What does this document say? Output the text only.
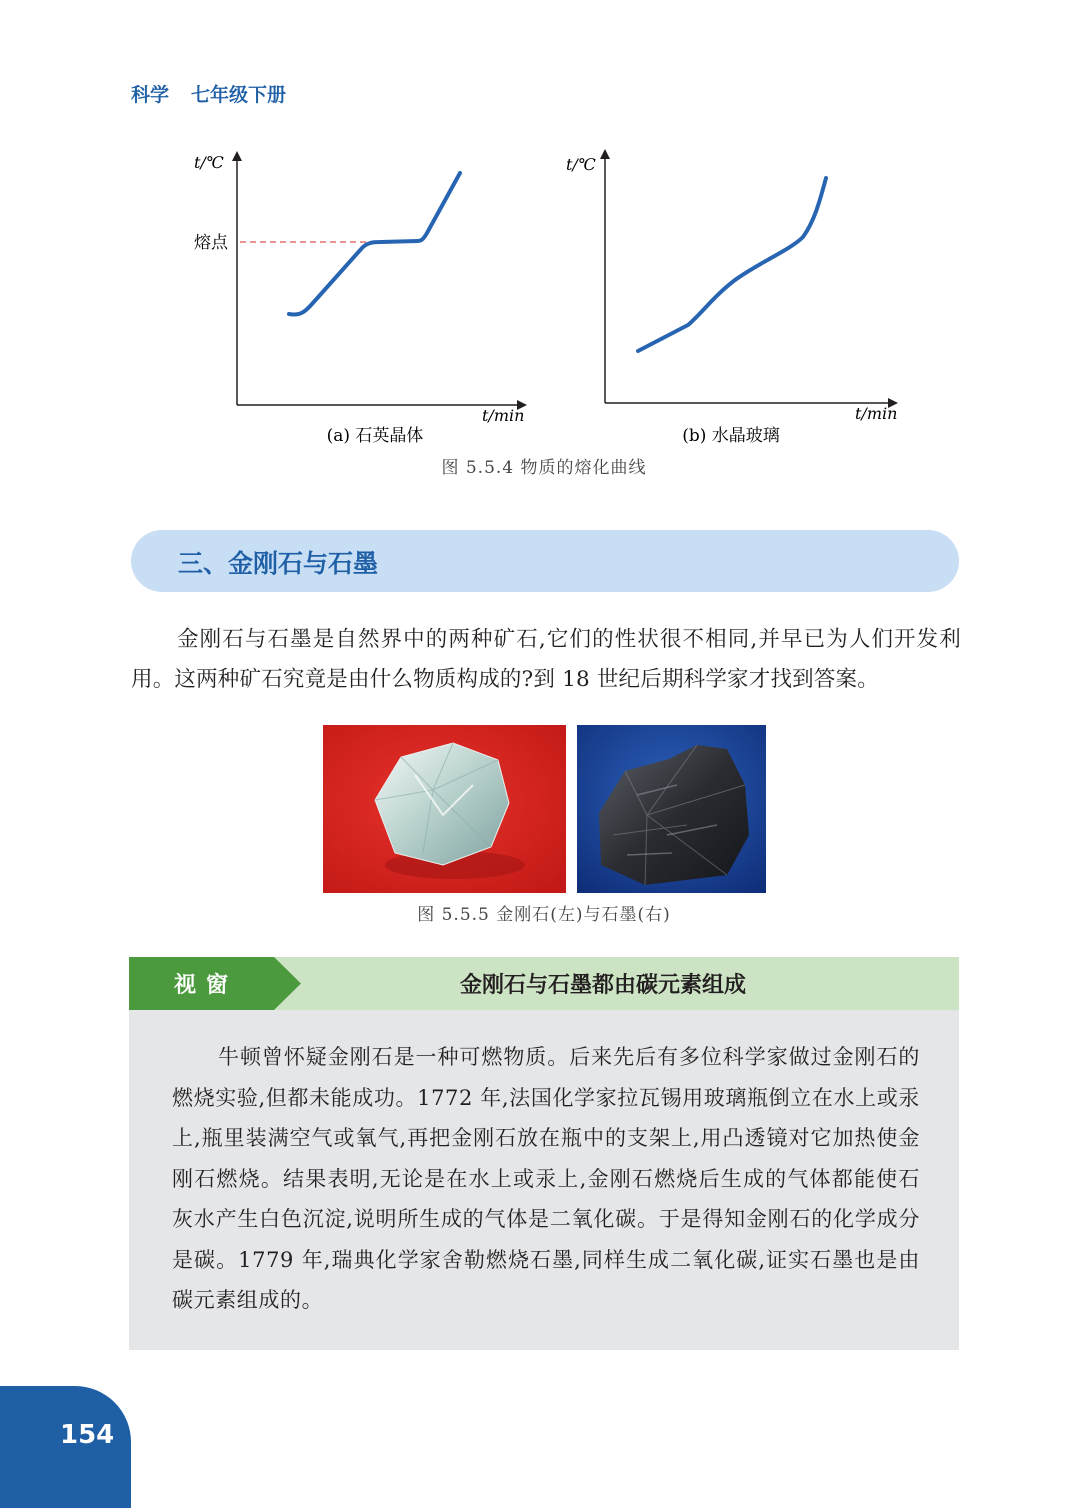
科学 七年级下册
t/℃
t/min
熔点
(a) 石英晶体
t/℃
t/min
(b) 水晶玻璃
图 5.5.4 物质的熔化曲线
三、金刚石与石墨
金刚石与石墨是自然界中的两种矿石,它们的性状很不相同,并早已为人们开发利用。这两种矿石究竟是由什么物质构成的?到 18 世纪后期科学家才找到答案。
图 5.5.5 金刚石(左)与石墨(右)
视窗	金刚石与石墨都由碳元素组成
牛顿曾怀疑金刚石是一种可燃物质。后来先后有多位科学家做过金刚石的燃烧实验,但都未能成功。1772 年,法国化学家拉瓦锡用玻璃瓶倒立在水上或汞上,瓶里装满空气或氧气,再把金刚石放在瓶中的支架上,用凸透镜对它加热使金刚石燃烧。结果表明,无论是在水上或汞上,金刚石燃烧后生成的气体都能使石灰水产生白色沉淀,说明所生成的气体是二氧化碳。于是得知金刚石的化学成分是碳。1779 年,瑞典化学家舍勒燃烧石墨,同样生成二氧化碳,证实石墨也是由碳元素组成的。
154
